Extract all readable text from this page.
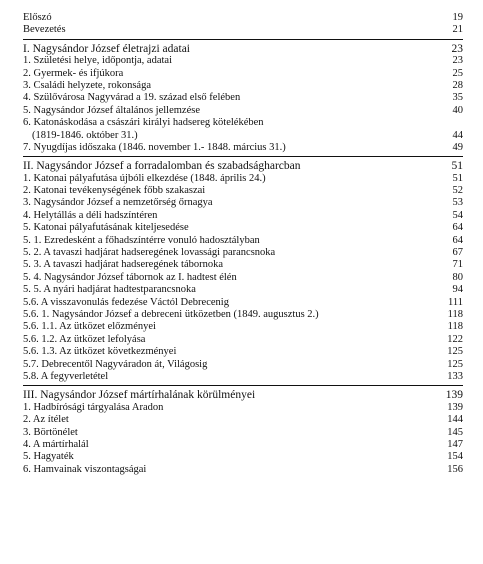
Előszó	19
Bevezetés	21
I. Nagysándor József életrajzi adatai	23
1. Születési helye, időpontja, adatai	23
2. Gyermek- és ifjúkora	25
3. Családi helyzete, rokonsága	28
4. Szülővárosa Nagyvárad a 19. század első felében	35
5. Nagysándor József általános jellemzése	40
6. Katonáskodása a császári királyi hadsereg kötelékében
(1819-1846. október 31.)	44
7. Nyugdíjas időszaka (1846. november 1.- 1848. március 31.)	49
II. Nagysándor József a forradalomban és szabadságharcban	51
1. Katonai pályafutása újbóli elkezdése (1848. április 24.)	51
2. Katonai tevékenységének főbb szakaszai	52
3. Nagysándor József a nemzetőrség őrnagya	53
4. Helytállás a déli hadszíntéren	54
5. Katonai pályafutásának kiteljesedése	64
5. 1. Ezredesként a főhadszíntérre vonuló hadosztályban	64
5. 2. A tavaszi hadjárat hadseregének lovassági parancsnoka	67
5. 3. A tavaszi hadjárat hadseregének tábornoka	71
5. 4. Nagysándor József tábornok az I. hadtest élén	80
5. 5. A nyári hadjárat hadtestparancsnoka	94
5.6. A visszavonulás fedezése Váctól Debrecenig	111
5.6. 1. Nagysándor József a debreceni ütközetben (1849. augusztus 2.)	118
5.6. 1.1. Az ütközet előzményei	118
5.6. 1.2. Az ütközet lefolyása	122
5.6. 1.3. Az ütközet következményei	125
5.7. Debrecentől Nagyváradon át, Világosig	125
5.8. A fegyverletétel	133
III. Nagysándor József mártírhalának körülményei	139
1. Hadbírósági tárgyalása Aradon	139
2. Az ítélet	144
3. Börtönélet	145
4. A mártírhalál	147
5. Hagyaték	154
6. Hamvainak viszontagságai	156
